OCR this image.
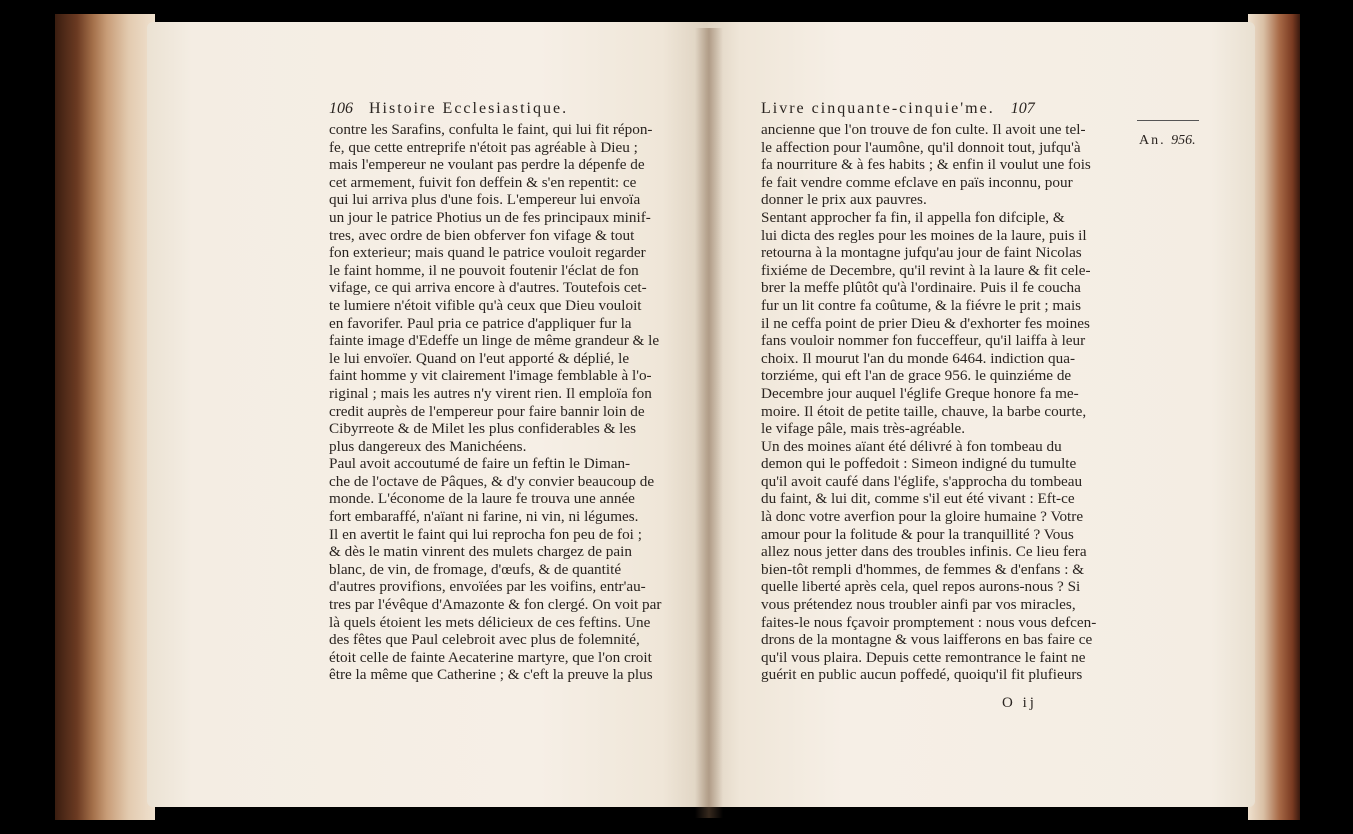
106 Histoire Ecclesiastique.
contre les Sarafins, confulta le faint, qui lui fit répon-
fe, que cette entreprife n'étoit pas agréable à Dieu ;
mais l'empereur ne voulant pas perdre la dépenfe de
cet armement, fuivit fon deffein & s'en repentit: ce
qui lui arriva plus d'une fois. L'empereur lui envoïa
un jour le patrice Photius un de fes principaux minif-
tres, avec ordre de bien obferver fon vifage & tout
fon exterieur; mais quand le patrice vouloit regarder
le faint homme, il ne pouvoit foutenir l'éclat de fon
vifage, ce qui arriva encore à d'autres. Toutefois cet-
te lumiere n'étoit vifible qu'à ceux que Dieu vouloit
en favorifer. Paul pria ce patrice d'appliquer fur la
fainte image d'Edeffe un linge de même grandeur & le
le lui envoïer. Quand on l'eut apporté & déplié, le
faint homme y vit clairement l'image femblable à l'o-
riginal ; mais les autres n'y virent rien. Il emploïa fon
credit auprès de l'empereur pour faire bannir loin de
Cibyrreote & de Milet les plus confiderables & les
plus dangereux des Manichéens.
Paul avoit accoutumé de faire un feftin le Diman-
che de l'octave de Pâques, & d'y convier beaucoup de
monde. L'économe de la laure fe trouva une année
fort embaraffé, n'aïant ni farine, ni vin, ni légumes.
Il en avertit le faint qui lui reprocha fon peu de foi ;
& dès le matin vinrent des mulets chargez de pain
blanc, de vin, de fromage, d'œufs, & de quantité
d'autres provifions, envoïées par les voifins, entr'au-
tres par l'évêque d'Amazonte & fon clergé. On voit par
là quels étoient les mets délicieux de ces feftins. Une
des fêtes que Paul celebroit avec plus de folemnité,
étoit celle de fainte Aecaterine martyre, que l'on croit
être la même que Catherine ; & c'eft la preuve la plus
Livre cinquante-cinquie'me. 107
An. 956.
ancienne que l'on trouve de fon culte. Il avoit une tel-
le affection pour l'aumône, qu'il donnoit tout, jufqu'à
fa nourriture & à fes habits ; & enfin il voulut une fois
fe fait vendre comme efclave en païs inconnu, pour
donner le prix aux pauvres.
Sentant approcher fa fin, il appella fon difciple, &
lui dicta des regles pour les moines de la laure, puis il
retourna à la montagne jufqu'au jour de faint Nicolas
fixiéme de Decembre, qu'il revint à la laure & fit cele-
brer la meffe plûtôt qu'à l'ordinaire. Puis il fe coucha
fur un lit contre fa coûtume, & la fiévre le prit ; mais
il ne ceffa point de prier Dieu & d'exhorter fes moines
fans vouloir nommer fon fucceffeur, qu'il laiffa à leur
choix. Il mourut l'an du monde 6464. indiction qua-
torziéme, qui eft l'an de grace 956. le quinziéme de
Decembre jour auquel l'églife Greque honore fa me-
moire. Il étoit de petite taille, chauve, la barbe courte,
le vifage pâle, mais très-agréable.
Un des moines aïant été délivré à fon tombeau du
demon qui le poffedoit : Simeon indigné du tumulte
qu'il avoit caufé dans l'églife, s'approcha du tombeau
du faint, & lui dit, comme s'il eut été vivant : Eft-ce
là donc votre averfion pour la gloire humaine ? Votre
amour pour la folitude & pour la tranquillité ? Vous
allez nous jetter dans des troubles infinis. Ce lieu fera
bien-tôt rempli d'hommes, de femmes & d'enfans : &
quelle liberté après cela, quel repos aurons-nous ? Si
vous prétendez nous troubler ainfi par vos miracles,
faites-le nous fçavoir promptement : nous vous defcen-
drons de la montagne & vous laifferons en bas faire ce
qu'il vous plaira. Depuis cette remontrance le faint ne
guérit en public aucun poffedé, quoiqu'il fit plufieurs
O ij
